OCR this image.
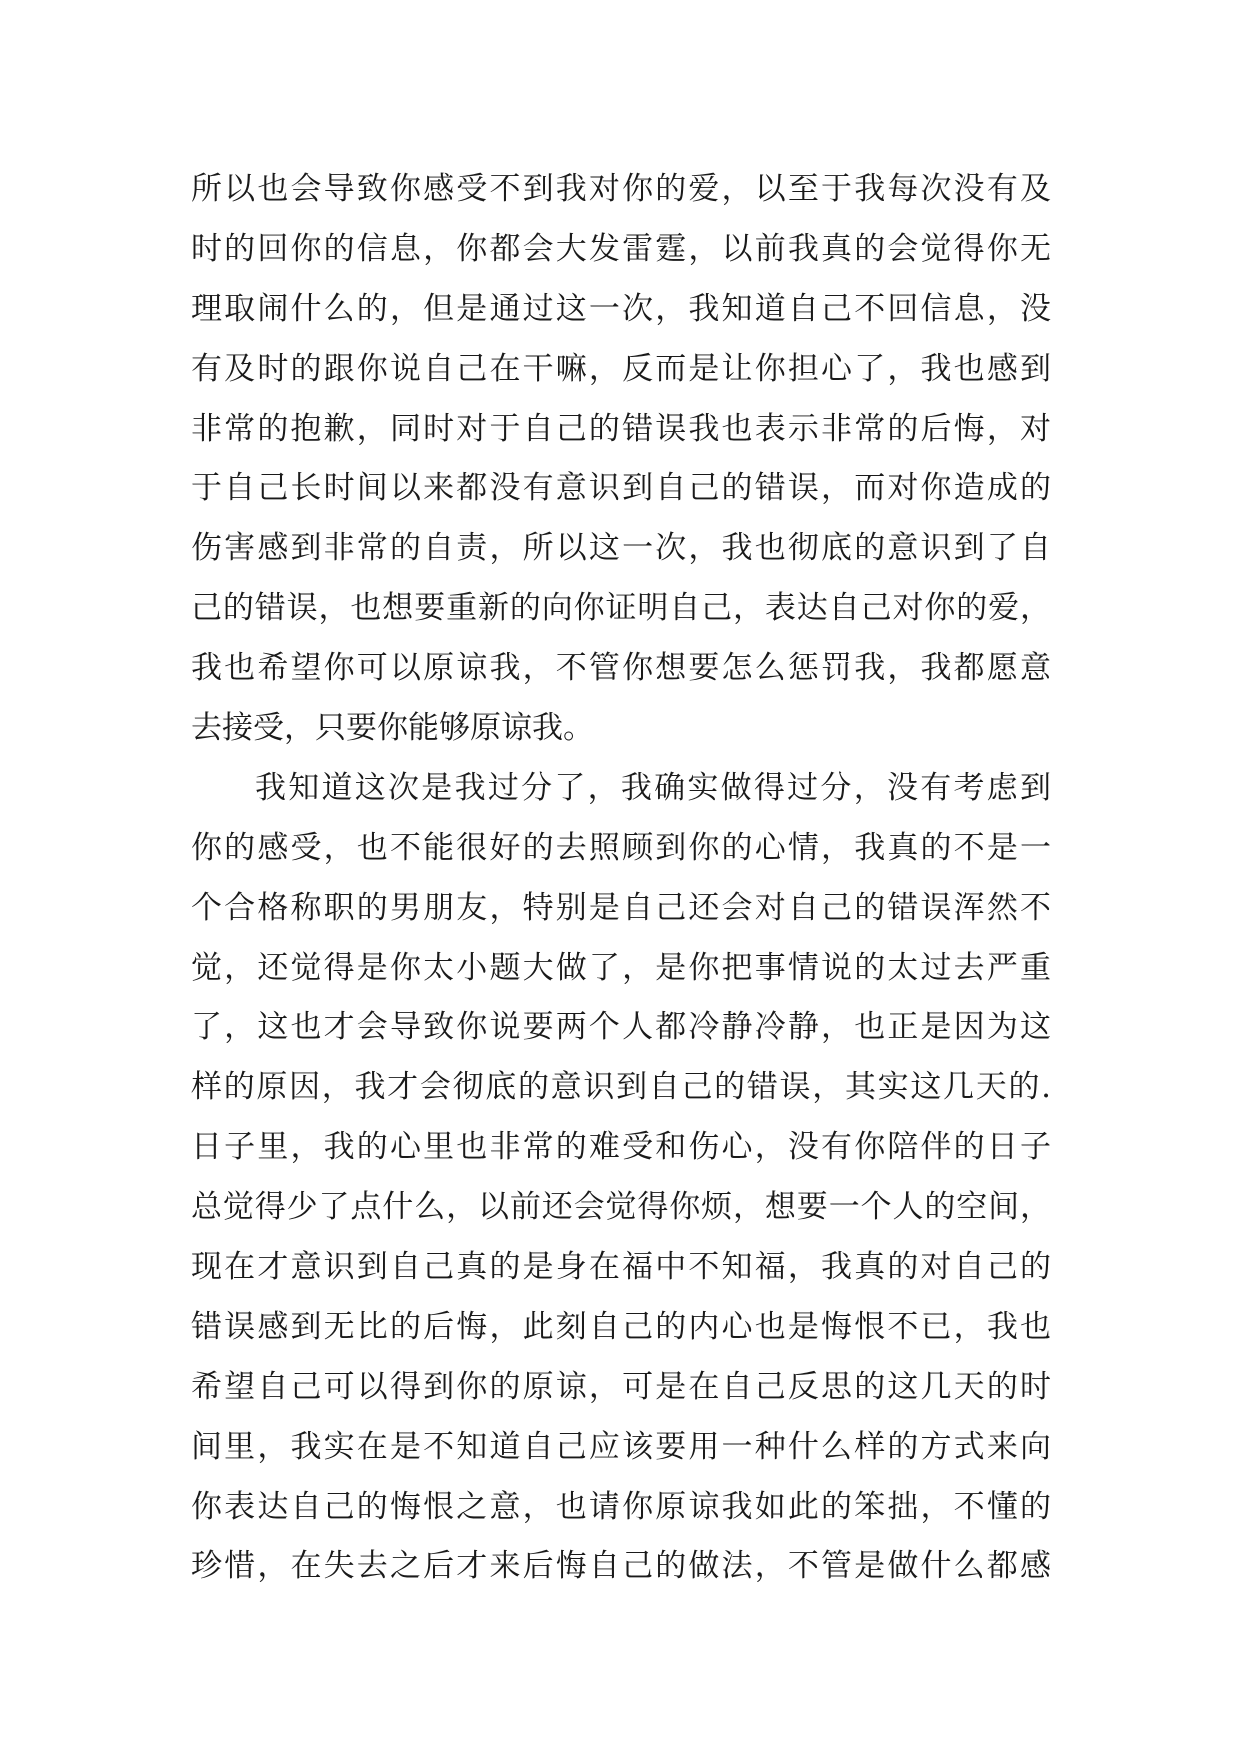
所以也会导致你感受不到我对你的爱，以至于我每次没有及
时的回你的信息，你都会大发雷霆，以前我真的会觉得你无
理取闹什么的，但是通过这一次，我知道自己不回信息，没
有及时的跟你说自己在干嘛，反而是让你担心了，我也感到
非常的抱歉，同时对于自己的错误我也表示非常的后悔，对
于自己长时间以来都没有意识到自己的错误，而对你造成的
伤害感到非常的自责，所以这一次，我也彻底的意识到了自
己的错误，也想要重新的向你证明自己，表达自己对你的爱，
我也希望你可以原谅我，不管你想要怎么惩罚我，我都愿意
去接受，只要你能够原谅我。
我知道这次是我过分了，我确实做得过分，没有考虑到
你的感受，也不能很好的去照顾到你的心情，我真的不是一
个合格称职的男朋友，特别是自己还会对自己的错误浑然不
觉，还觉得是你太小题大做了，是你把事情说的太过去严重
了，这也才会导致你说要两个人都冷静冷静，也正是因为这
样的原因，我才会彻底的意识到自己的错误，其实这几天的.
日子里，我的心里也非常的难受和伤心，没有你陪伴的日子
总觉得少了点什么，以前还会觉得你烦，想要一个人的空间，
现在才意识到自己真的是身在福中不知福，我真的对自己的
错误感到无比的后悔，此刻自己的内心也是悔恨不已，我也
希望自己可以得到你的原谅，可是在自己反思的这几天的时
间里，我实在是不知道自己应该要用一种什么样的方式来向
你表达自己的悔恨之意，也请你原谅我如此的笨拙，不懂的
珍惜，在失去之后才来后悔自己的做法，不管是做什么都感
